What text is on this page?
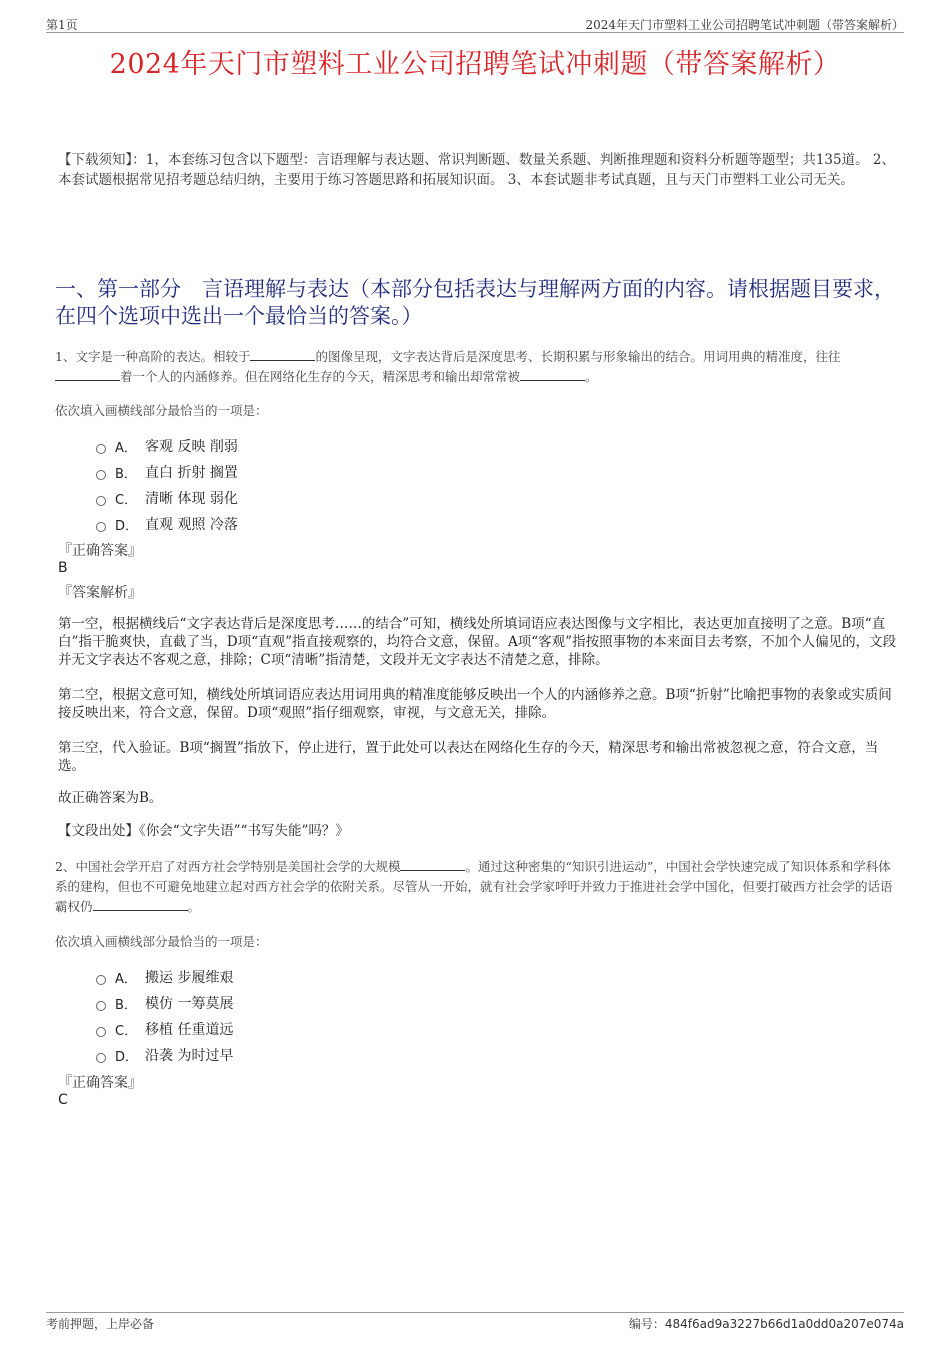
第1页	2024年天门市塑料工业公司招聘笔试冲刺题（带答案解析）
2024年天门市塑料工业公司招聘笔试冲刺题（带答案解析）
【下载须知】：1，本套练习包含以下题型：言语理解与表达题、常识判断题、数量关系题、判断推理题和资料分析题等题型；共135道。 2、本套试题根据常见招考题总结归纳，主要用于练习答题思路和拓展知识面。 3、本套试题非考试真题，且与天门市塑料工业公司无关。
一、第一部分　言语理解与表达（本部分包括表达与理解两方面的内容。请根据题目要求，在四个选项中选出一个最恰当的答案。）
1、文字是一种高阶的表达。相较于	的图像呈现，文字表达背后是深度思考、长期积累与形象输出的结合。用词用典的精准度，往往着一个人的内涵修养。但在网络化生存的今天，精深思考和输出却常常被	。
依次填入画横线部分最恰当的一项是：
A． 客观 反映 削弱
B． 直白 折射 搁置
C． 清晰 体现 弱化
D． 直观 观照 冷落
『正确答案』
B
『答案解析』
第一空，根据横线后“文字表达背后是深度思考……的结合”可知，横线处所填词语应表达图像与文字相比，表达更加直接明了之意。B项“直白”指干脆爽快，直截了当，D项“直观”指直接观察的，均符合文意，保留。A项“客观”指按照事物的本来面目去考察，不加个人偏见的，文段并无文字表达不客观之意，排除；C项“清晰”指清楚，文段并无文字表达不清楚之意，排除。
第二空，根据文意可知，横线处所填词语应表达用词用典的精准度能够反映出一个人的内涵修养之意。B项“折射”比喻把事物的表象或实质间接反映出来，符合文意，保留。D项“观照”指仔细观察，审视，与文意无关，排除。
第三空，代入验证。B项“搁置”指放下，停止进行，置于此处可以表达在网络化生存的今天，精深思考和输出常被忽视之意，符合文意，当选。
故正确答案为B。
【文段出处】《你会“文字失语”“书写失能”吗？》
2、中国社会学开启了对西方社会学特别是美国社会学的大规模	。通过这种密集的“知识引进运动”，中国社会学快速完成了知识体系和学科体系的建构，但也不可避免地建立起对西方社会学的依附关系。尽管从一开始，就有社会学家呼吁并致力于推进社会学中国化，但要打破西方社会学的话语霸权仍	。
依次填入画横线部分最恰当的一项是：
A． 搬运 步履维艰
B． 模仿 一筹莫展
C． 移植 任重道远
D． 沿袭 为时过早
『正确答案』
C
考前押题，上岸必备	编号：484f6ad9a3227b66d1a0dd0a207e074a
